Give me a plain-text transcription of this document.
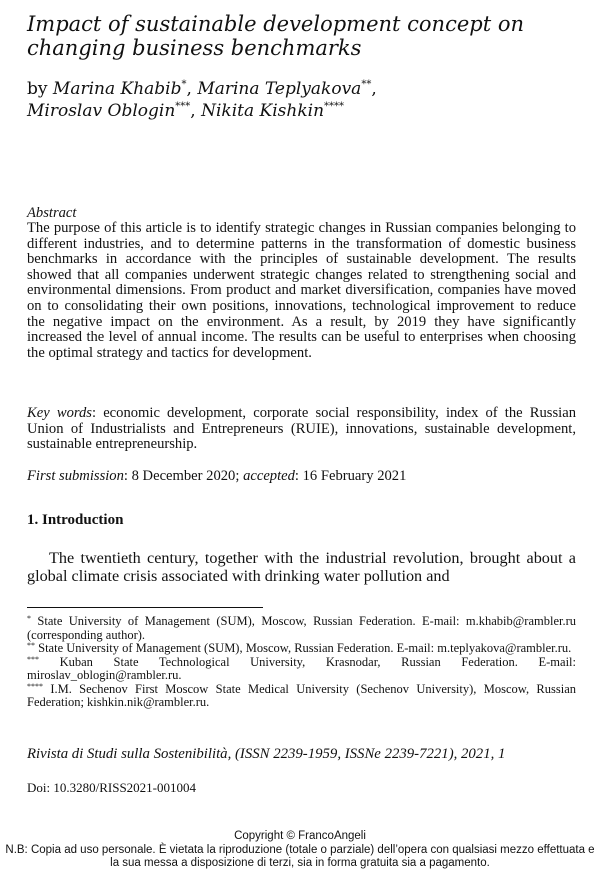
Impact of sustainable development concept on changing business benchmarks
by Marina Khabib*, Marina Teplyakova**,
Miroslav Oblogin***, Nikita Kishkin****
Abstract
The purpose of this article is to identify strategic changes in Russian companies belonging to different industries, and to determine patterns in the transformation of domestic business benchmarks in accordance with the principles of sustainable development. The results showed that all companies underwent strategic changes related to strengthening social and environmental dimensions. From product and market diversification, companies have moved on to consolidating their own positions, innovations, technological improvement to reduce the negative impact on the environment. As a result, by 2019 they have significantly increased the level of annual income. The results can be useful to enterprises when choosing the optimal strategy and tactics for development.
Key words: economic development, corporate social responsibility, index of the Russian Union of Industrialists and Entrepreneurs (RUIE), innovations, sustainable development, sustainable entrepreneurship.
First submission: 8 December 2020; accepted: 16 February 2021
1. Introduction
The twentieth century, together with the industrial revolution, brought about a global climate crisis associated with drinking water pollution and
* State University of Management (SUM), Moscow, Russian Federation. E-mail: m.khabib@rambler.ru (corresponding author).
** State University of Management (SUM), Moscow, Russian Federation. E-mail: m.teplyakova@rambler.ru.
*** Kuban State Technological University, Krasnodar, Russian Federation. E-mail: miroslav_oblogin@rambler.ru.
**** I.M. Sechenov First Moscow State Medical University (Sechenov University), Moscow, Russian Federation; kishkin.nik@rambler.ru.
Rivista di Studi sulla Sostenibilità, (ISSN 2239-1959, ISSNe 2239-7221), 2021, 1
Doi: 10.3280/RISS2021-001004
Copyright © FrancoAngeli
N.B: Copia ad uso personale. È vietata la riproduzione (totale o parziale) dell’opera con qualsiasi mezzo effettuata e la sua messa a disposizione di terzi, sia in forma gratuita sia a pagamento.
